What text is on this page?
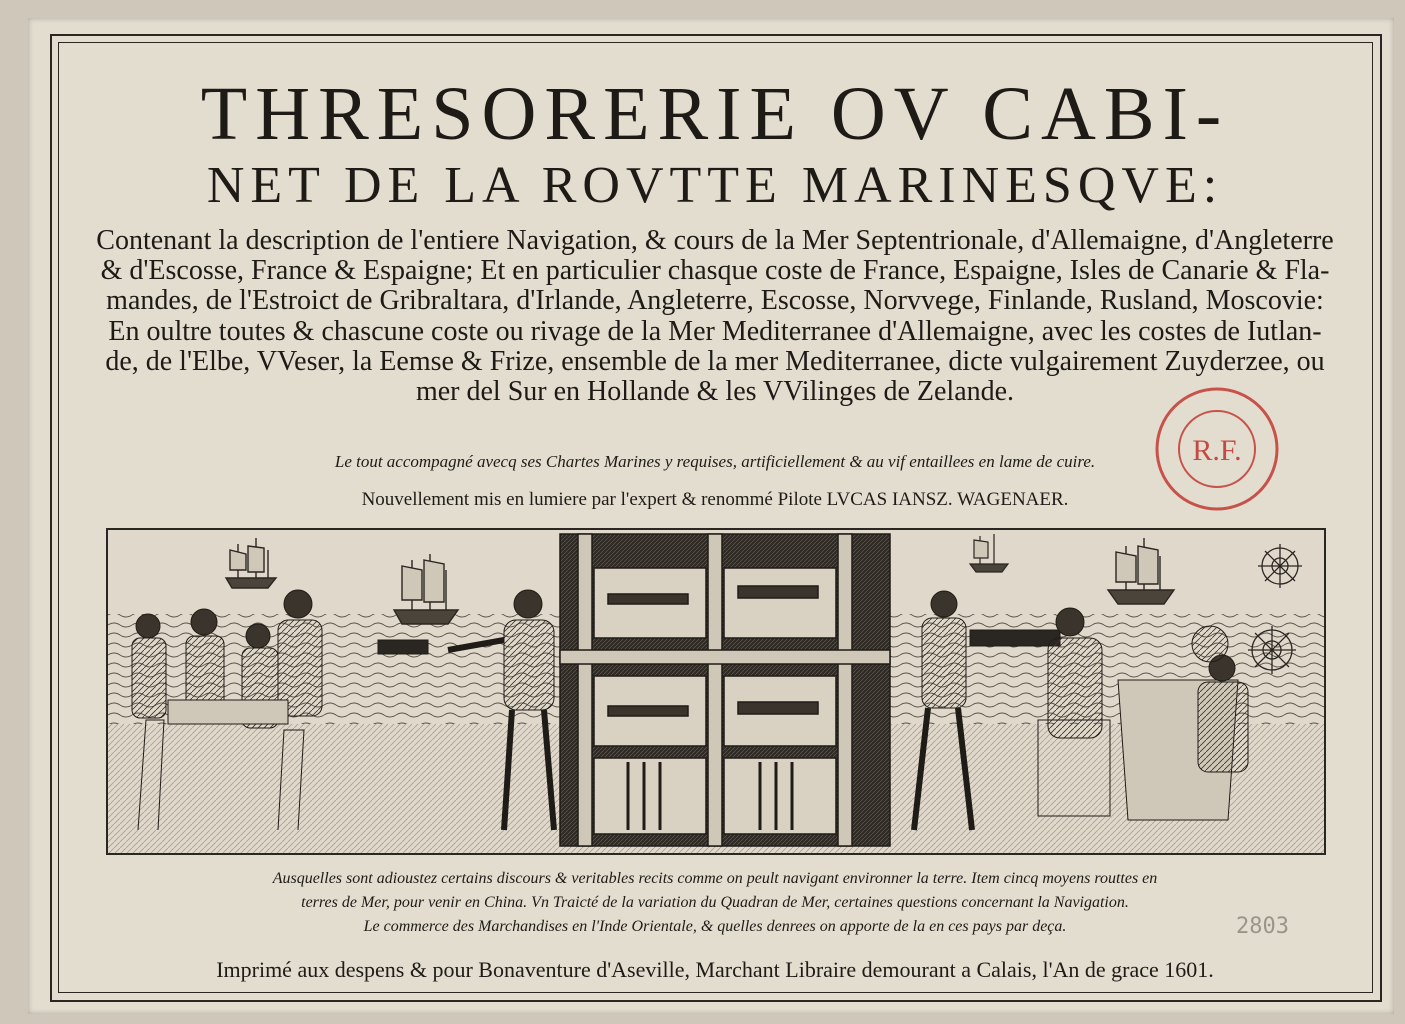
THRESORERIE OV CABI-
NET DE LA ROVTTE MARINESQVE:
Contenant la description de l'entiere Navigation, & cours de la Mer Septentrionale, d'Allemaigne, d'Angleterre
& d'Escosse, France & Espaigne; Et en particulier chasque coste de France, Espaigne, Isles de Canarie & Fla-
mandes, de l'Estroict de Gribraltara, d'Irlande, Angleterre, Escosse, Norvvege, Finlande, Rusland, Moscovie:
En oultre toutes & chascune coste ou rivage de la Mer Mediterranee d'Allemaigne, avec les costes de Iutlan-
de, de l'Elbe, VVeser, la Eemse & Frize, ensemble de la mer Mediterranee, dicte vulgairement Zuyderzee, ou
mer del Sur en Hollande & les VVilinges de Zelande.
Le tout accompagné avecq ses Chartes Marines y requises, artificiellement & au vif entaillees en lame de cuire.
Nouvellement mis en lumiere par l'expert & renommé Pilote LVCAS IANSZ. WAGENAER.
R.F.
Ausquelles sont adioustez certains discours & veritables recits comme on peult navigant environner la terre. Item cincq moyens routtes en
terres de Mer, pour venir en China. Vn Traicté de la variation du Quadran de Mer, certaines questions concernant la Navigation.
Le commerce des Marchandises en l'Inde Orientale, & quelles denrees on apporte de la en ces pays par deça.
Imprimé aux despens & pour Bonaventure d'Aseville, Marchant Libraire demourant a Calais, l'An de grace 1601.
2803
